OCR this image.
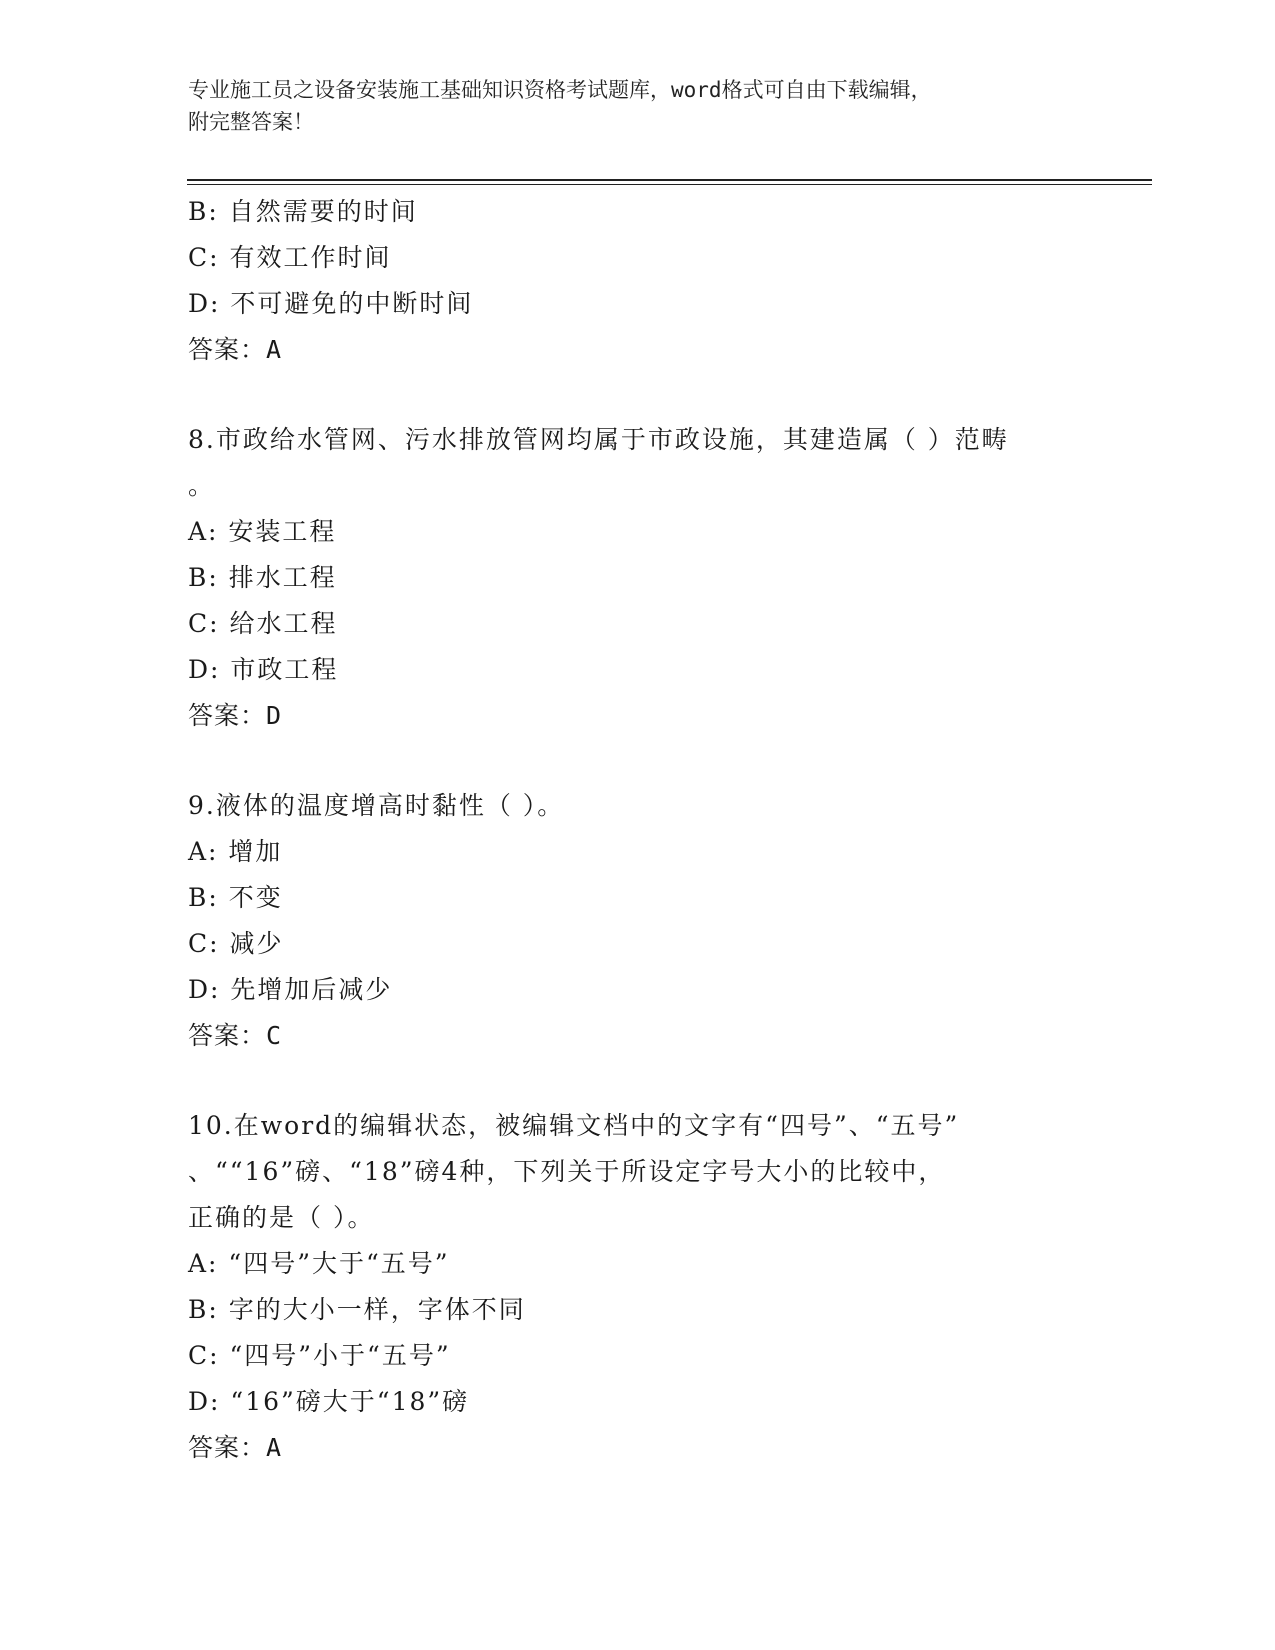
专业施工员之设备安装施工基础知识资格考试题库，word格式可自由下载编辑，
附完整答案！
B: 自然需要的时间
C: 有效工作时间
D: 不可避免的中断时间
答案：A
8.市政给水管网、污水排放管网均属于市政设施，其建造属（ ）范畴
。
A: 安装工程
B: 排水工程
C: 给水工程
D: 市政工程
答案：D
9.液体的温度增高时黏性（ ）。
A: 增加
B: 不变
C: 减少
D: 先增加后减少
答案：C
10.在word的编辑状态，被编辑文档中的文字有“四号”、“五号”
、““16”磅、“18”磅4种，下列关于所设定字号大小的比较中，
正确的是（ ）。
A: “四号”大于“五号”
B: 字的大小一样，字体不同
C: “四号”小于“五号”
D: “16”磅大于“18”磅
答案：A
